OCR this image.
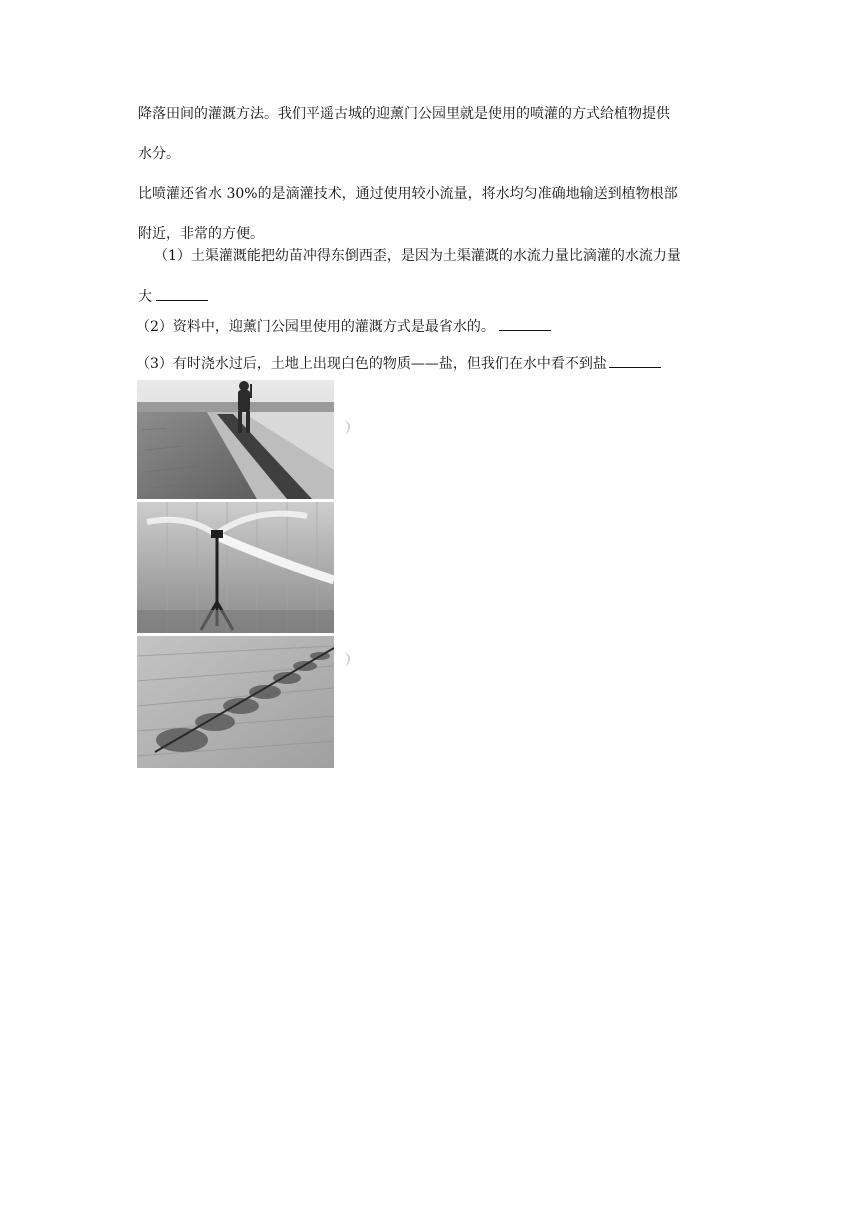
降落田间的灌溉方法。我们平遥古城的迎薰门公园里就是使用的喷灌的方式给植物提供
水分。
比喷灌还省水 30%的是滴灌技术，通过使用较小流量，将水均匀准确地输送到植物根部
附近，非常的方便。
（1）土渠灌溉能把幼苗冲得东倒西歪，是因为土渠灌溉的水流力量比滴灌的水流力量
大
（2）资料中，迎薰门公园里使用的灌溉方式是最省水的。
（3）有时浇水过后，土地上出现白色的物质——盐，但我们在水中看不到盐
